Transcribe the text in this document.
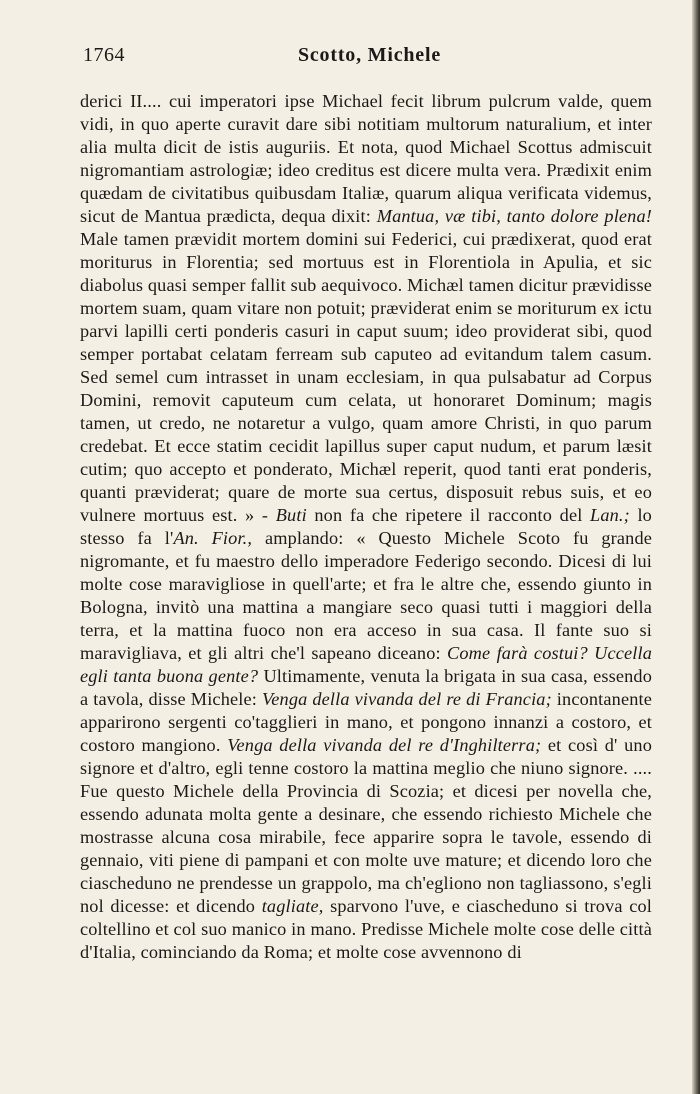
1764	Scotto, Michele

derici II.... cui imperatori ipse Michael fecit librum pulcrum valde, quem vidi, in quo aperte curavit dare sibi notitiam multorum naturalium, et inter alia multa dicit de istis auguriis. Et nota, quod Michael Scottus admiscuit nigromantiam astrologiæ; ideo creditus est dicere multa vera. Prædixit enim quædam de civitatibus quibusdam Italiæ, quarum aliqua verificata videmus, sicut de Mantua prædicta, dequa dixit: Mantua, væ tibi, tanto dolore plena! Male tamen prævidit mortem domini sui Federici, cui prædixerat, quod erat moriturus in Florentia; sed mortuus est in Florentiola in Apulia, et sic diabolus quasi semper fallit sub aequivoco. Michæl tamen dicitur prævidisse mortem suam, quam vitare non potuit; præviderat enim se moriturum ex ictu parvi lapilli certi ponderis casuri in caput suum; ideo providerat sibi, quod semper portabat celatam ferream sub caputeo ad evitandum talem casum. Sed semel cum intrasset in unam ecclesiam, in qua pulsabatur ad Corpus Domini, removit caputeum cum celata, ut honoraret Dominum; magis tamen, ut credo, ne notaretur a vulgo, quam amore Christi, in quo parum credebat. Et ecce statim cecidit lapillus super caput nudum, et parum læsit cutim; quo accepto et ponderato, Michæl reperit, quod tanti erat ponderis, quanti præviderat; quare de morte sua certus, disposuit rebus suis, et eo vulnere mortuus est. » - Buti non fa che ripetere il racconto del Lan.; lo stesso fa l'An. Fior., amplando: « Questo Michele Scoto fu grande nigromante, et fu maestro dello imperadore Federigo secondo. Dicesi di lui molte cose maravigliose in quell'arte; et fra le altre che, essendo giunto in Bologna, invitò una mattina a mangiare seco quasi tutti i maggiori della terra, et la mattina fuoco non era acceso in sua casa. Il fante suo si maravigliava, et gli altri che'l sapeano diceano: Come farà costui? Uccella egli tanta buona gente? Ultimamente, venuta la brigata in sua casa, essendo a tavola, disse Michele: Venga della vivanda del re di Francia; incontanente apparirono sergenti co'tagglieri in mano, et pongono innanzi a costoro, et costoro mangiono. Venga della vivanda del re d'Inghilterra; et così d' uno signore et d'altro, egli tenne costoro la mattina meglio che niuno signore. .... Fue questo Michele della Provincia di Scozia; et dicesi per novella che, essendo adunata molta gente a desinare, che essendo richiesto Michele che mostrasse alcuna cosa mirabile, fece apparire sopra le tavole, essendo di gennaio, viti piene di pampani et con molte uve mature; et dicendo loro che ciascheduno ne prendesse un grappolo, ma ch'egliono non tagliassono, s'egli nol dicesse: et dicendo tagliate, sparvono l'uve, e ciascheduno si trova col coltellino et col suo manico in mano. Predisse Michele molte cose delle città d'Italia, cominciando da Roma; et molte cose avvennono di
